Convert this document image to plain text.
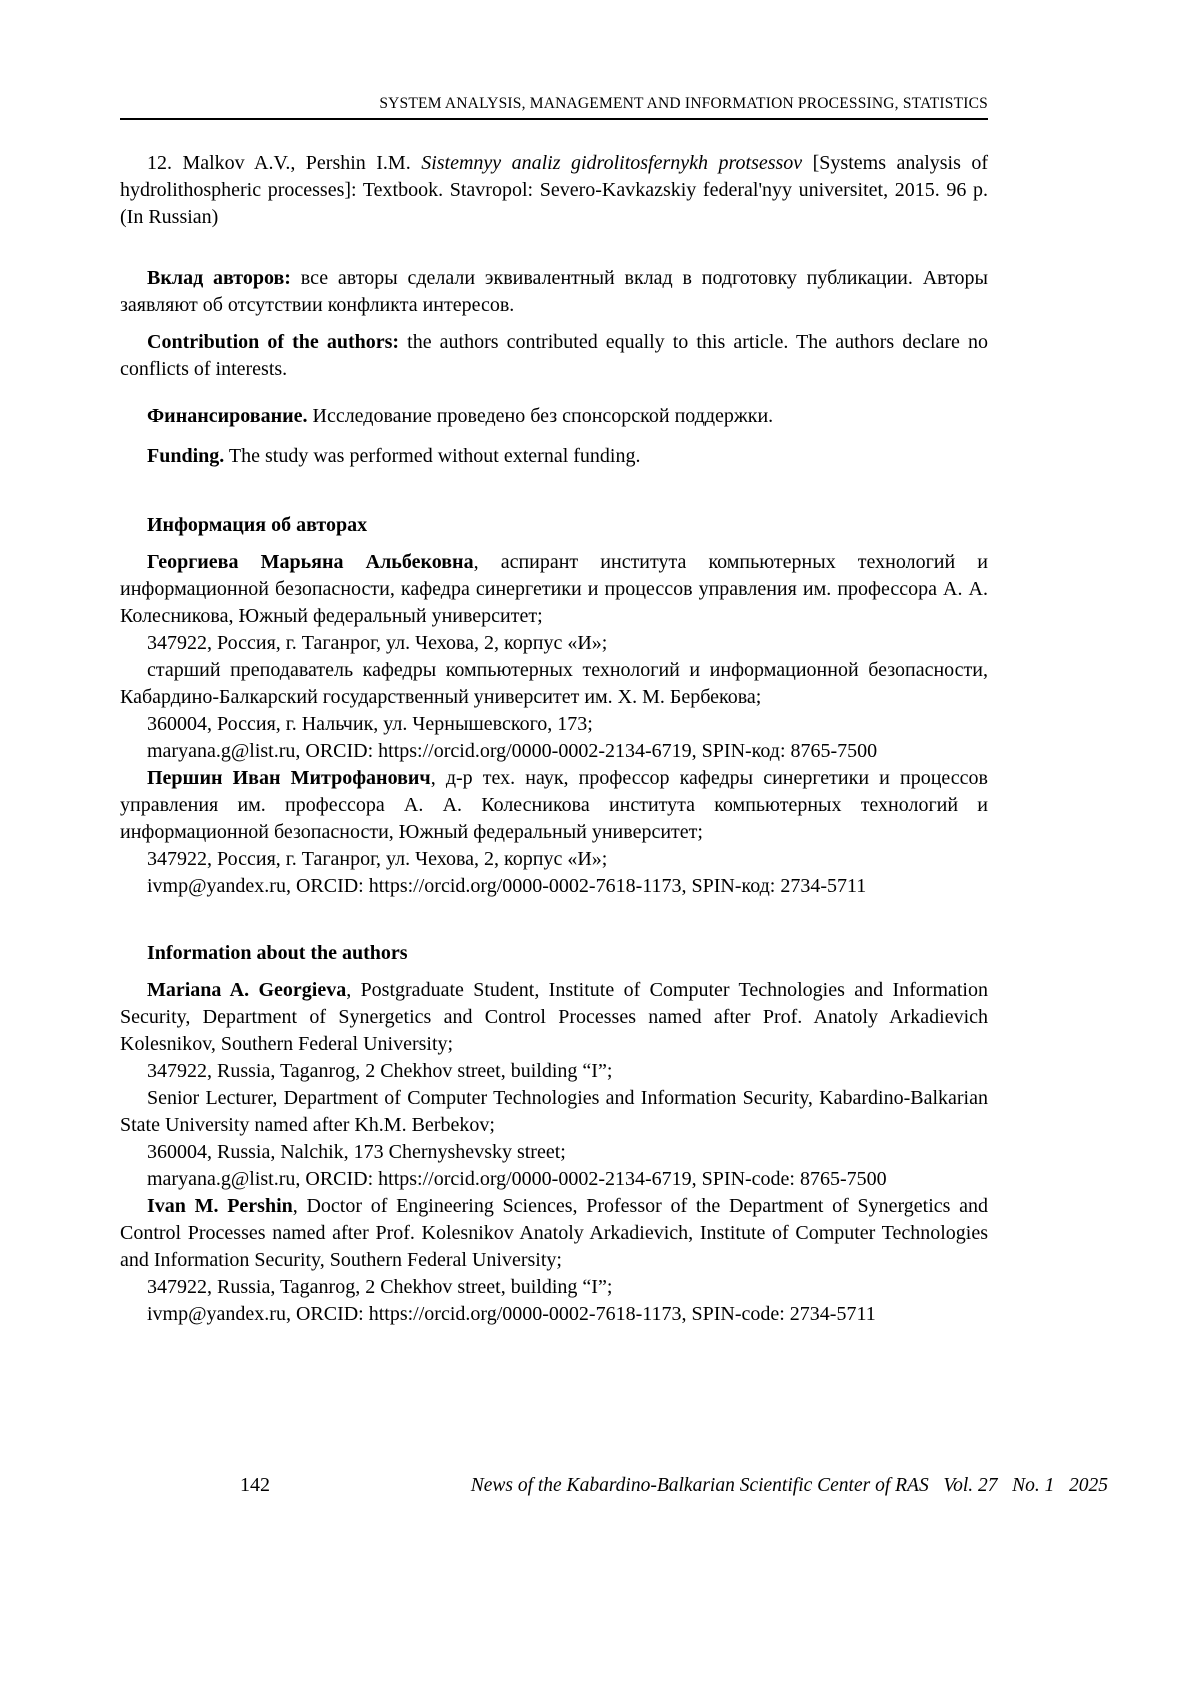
SYSTEM ANALYSIS, MANAGEMENT AND INFORMATION PROCESSING, STATISTICS

12. Malkov A.V., Pershin I.M. Sistemnyy analiz gidrolitosfernykh protsessov [Systems analysis of hydrolithospheric processes]: Textbook. Stavropol: Severo-Kavkazskiy federal'nyy universitet, 2015. 96 p. (In Russian)

Вклад авторов: все авторы сделали эквивалентный вклад в подготовку публикации. Авторы заявляют об отсутствии конфликта интересов.

Contribution of the authors: the authors contributed equally to this article. The authors declare no conflicts of interests.

Финансирование. Исследование проведено без спонсорской поддержки.

Funding. The study was performed without external funding.

Информация об авторах

Георгиева Марьяна Альбековна, аспирант института компьютерных технологий и информационной безопасности, кафедра синергетики и процессов управления им. профессора А. А. Колесникова, Южный федеральный университет;

347922, Россия, г. Таганрог, ул. Чехова, 2, корпус «И»;

старший преподаватель кафедры компьютерных технологий и информационной безопасности, Кабардино-Балкарский государственный университет им. Х. М. Бербекова;

360004, Россия, г. Нальчик, ул. Чернышевского, 173;

maryana.g@list.ru, ORCID: https://orcid.org/0000-0002-2134-6719, SPIN-код: 8765-7500

Першин Иван Митрофанович, д-р тех. наук, профессор кафедры синергетики и процессов управления им. профессора А. А. Колесникова института компьютерных технологий и информационной безопасности, Южный федеральный университет;

347922, Россия, г. Таганрог, ул. Чехова, 2, корпус «И»;

ivmp@yandex.ru, ORCID: https://orcid.org/0000-0002-7618-1173, SPIN-код: 2734-5711

Information about the authors

Mariana A. Georgieva, Postgraduate Student, Institute of Computer Technologies and Information Security, Department of Synergetics and Control Processes named after Prof. Anatoly Arkadievich Kolesnikov, Southern Federal University;

347922, Russia, Taganrog, 2 Chekhov street, building “I”;

Senior Lecturer, Department of Computer Technologies and Information Security, Kabardino-Balkarian State University named after Kh.M. Berbekov;

360004, Russia, Nalchik, 173 Chernyshevsky street;

maryana.g@list.ru, ORCID: https://orcid.org/0000-0002-2134-6719, SPIN-code: 8765-7500

Ivan M. Pershin, Doctor of Engineering Sciences, Professor of the Department of Synergetics and Control Processes named after Prof. Kolesnikov Anatoly Arkadievich, Institute of Computer Technologies and Information Security, Southern Federal University;

347922, Russia, Taganrog, 2 Chekhov street, building “I”;

ivmp@yandex.ru, ORCID: https://orcid.org/0000-0002-7618-1173, SPIN-code: 2734-5711

142	News of the Kabardino-Balkarian Scientific Center of RAS   Vol. 27   No. 1   2025
